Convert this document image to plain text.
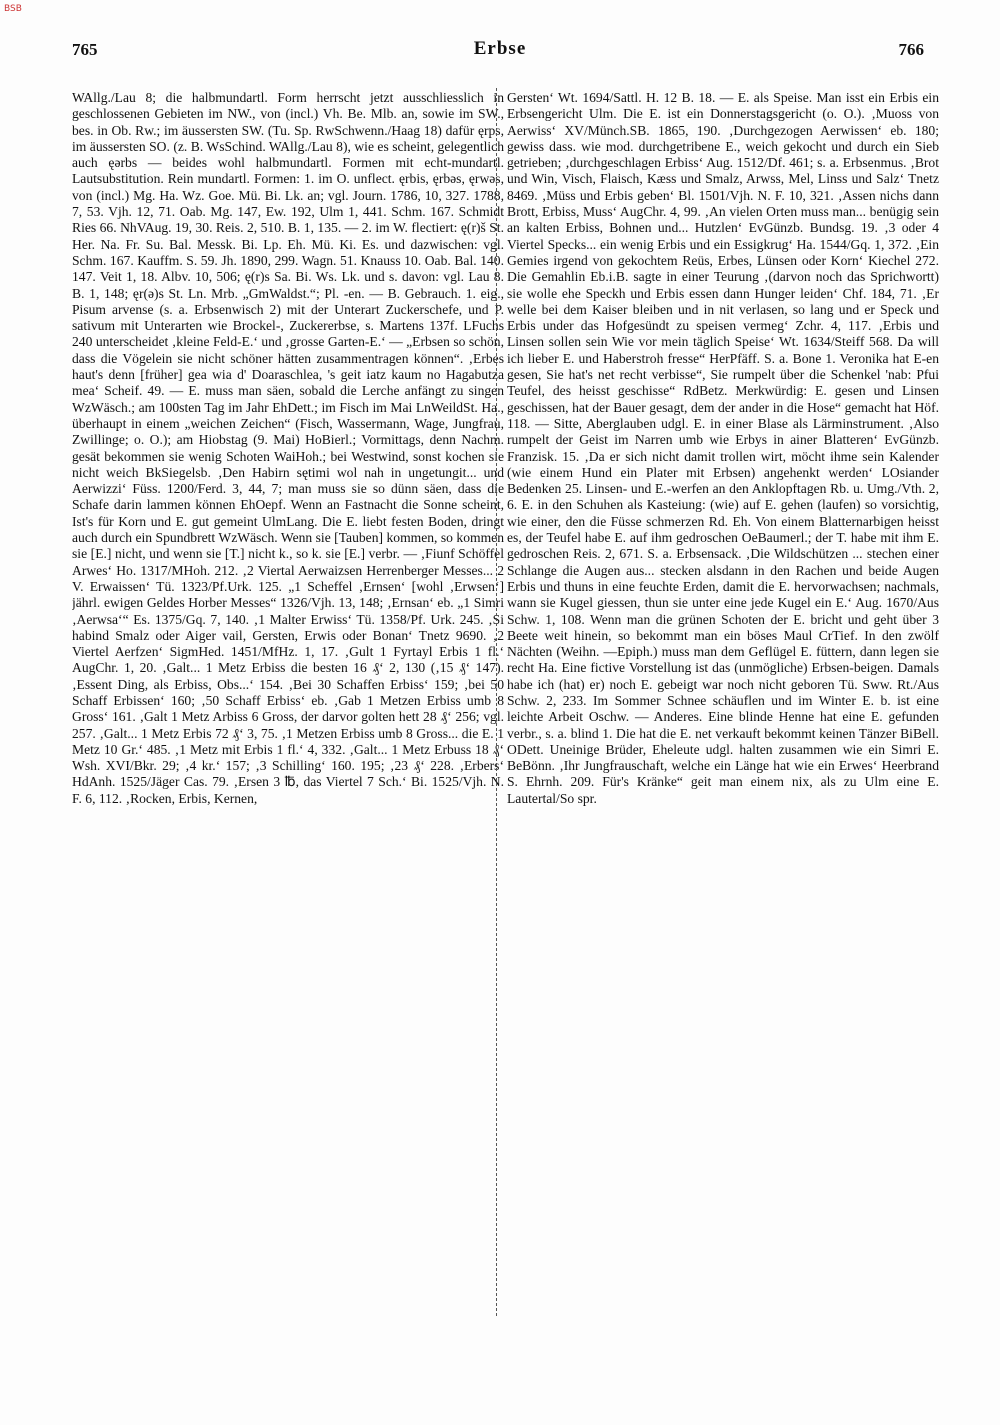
BSB
765	Erbse	766
WAllg./Lau 8; die halbmundartl. Form herrscht jetzt ausschliesslich in geschlossenen Gebieten im NW., von (incl.) Vh. Be. Mlb. an, sowie im SW., bes. in Ob. Rw.; im äussersten SW. (Tu. Sp. RwSchwenn./Haag 18) dafür ęrps, im äussersten SO. (z. B. WsSchind. WAllg./Lau 8), wie es scheint, gelegentlich auch ęərbs — beides wohl halbmundartl. Formen mit echt-mundartl. Lautsubstitution. Rein mundartl. Formen: 1. im O. unflect. ęrbis, ęrbəs, ęrwəs, von (incl.) Mg. Ha. Wz. Goe. Mü. Bi. Lk. an; vgl. Journ. 1786, 10, 327. 1788, 7, 53. Vjh. 12, 71. Oab. Mg. 147, Ew. 192, Ulm 1, 441. Schm. 167. Schmidt Ries 66. NhVAug. 19, 30. Reis. 2, 510. B. 1, 135. — 2. im W. flectiert: ę(r)š St. Her. Na. Fr. Su. Bal. Messk. Bi. Lp. Eh. Mü. Ki. Es. und dazwischen: vgl. Schm. 167. Kauffm. S. 59. Jh. 1890, 299. Wagn. 51. Knauss 10. Oab. Bal. 140. 147. Veit 1, 18. Albv. 10, 506; ę(r)s Sa. Bi. Ws. Lk. und s. davon: vgl. Lau 8. B. 1, 148; ęr(ə)s St. Ln. Mrb. „GmWaldst.“; Pl. -en. — B. Gebrauch. 1. eig., Pisum arvense (s. a. Erbsenwisch 2) mit der Unterart Zuckerschefe, und P. sativum mit Unterarten wie Brockel-, Zuckererbse, s. Martens 137f. LFuchs 240 unterscheidet ‚kleine Feld-E.‘ und ‚grosse Garten-E.‘ — „Erbsen so schön, dass die Vögelein sie nicht schöner hätten zusammentragen können“. ‚Erbes haut's denn [früher] gea wia d' Doaraschlea, 's geit iatz kaum no Hagabutza mea‘ Scheif. 49. — E. muss man säen, sobald die Lerche anfängt zu singen WzWäsch.; am 100sten Tag im Jahr EhDett.; im Fisch im Mai LnWeildSt. Ha., überhaupt in einem „weichen Zeichen“ (Fisch, Wassermann, Wage, Jungfrau, Zwillinge; o. O.); am Hiobstag (9. Mai) HoBierl.; Vormittags, denn Nachm. gesät bekommen sie wenig Schoten WaiHoh.; bei Westwind, sonst kochen sie nicht weich BkSiegelsb. ‚Den Habirn sętimi wol nah in ungetungit... und Aerwizzi‘ Füss. 1200/Ferd. 3, 44, 7; man muss sie so dünn säen, dass die Schafe darin lammen können EhOepf. Wenn an Fastnacht die Sonne scheint, Ist's für Korn und E. gut gemeint UlmLang. Die E. liebt festen Boden, dringt auch durch ein Spundbrett WzWäsch. Wenn sie [Tauben] kommen, so kommen sie [E.] nicht, und wenn sie [T.] nicht k., so k. sie [E.] verbr. — ‚Fiunf Schöffel Arwes‘ Ho. 1317/MHoh. 212. ‚2 Viertal Aerwaizsen Herrenberger Messes... 2 V. Erwaissen‘ Tü. 1323/Pf.Urk. 125. „1 Scheffel ‚Ernsen‘ [wohl ‚Erwsen‘] jährl. ewigen Geldes Horber Messes“ 1326/Vjh. 13, 148; ‚Ernsan‘ eb. „1 Simri ‚Aerwsa‘“ Es. 1375/Gq. 7, 140. ‚1 Malter Erwiss‘ Tü. 1358/Pf. Urk. 245. ‚Si habind Smalz oder Aiger vail, Gersten, Erwis oder Bonan‘ Tnetz 9690. ‚2 Viertel Aerfzen‘ SigmHed. 1451/MfHz. 1, 17. ‚Gult 1 Fyrtayl Erbis 1 fl.‘ AugChr. 1, 20. ‚Galt... 1 Metz Erbiss die besten 16 ₰‘ 2, 130 (‚15 ₰‘ 147). ‚Essent Ding, als Erbiss, Obs...‘ 154. ‚Bei 30 Schaffen Erbiss‘ 159; ‚bei 50 Schaff Erbissen‘ 160; ‚50 Schaff Erbiss‘ eb. ‚Gab 1 Metzen Erbiss umb 8 Gross‘ 161. ‚Galt 1 Metz Arbiss 6 Gross, der darvor golten hett 28 ₰‘ 256; vgl. 257. ‚Galt... 1 Metz Erbis 72 ₰‘ 3, 75. ‚1 Metzen Erbiss umb 8 Gross... die E. 1 Metz 10 Gr.‘ 485. ‚1 Metz mit Erbis 1 fl.‘ 4, 332. ‚Galt... 1 Metz Erbuss 18 ₰‘ Wsh. XVI/Bkr. 29; ‚4 kr.‘ 157; ‚3 Schilling‘ 160. 195; ‚23 ₰‘ 228. ‚Erbers‘ HdAnh. 1525/Jäger Cas. 79. ‚Ersen 3 ℔, das Viertel 7 Sch.‘ Bi. 1525/Vjh. N. F. 6, 112. ‚Rocken, Erbis, Kernen,
Gersten‘ Wt. 1694/Sattl. H. 12 B. 18. — E. als Speise. Man isst ein Erbis ein Erbsengericht Ulm. Die E. ist ein Donnerstagsgericht (o. O.). ‚Muoss von Aerwiss‘ XV/Münch.SB. 1865, 190. ‚Durchgezogen Aerwissen‘ eb. 180; gewiss dass. wie mod. durchgetribene E., weich gekocht und durch ein Sieb getrieben; ‚durchgeschlagen Erbiss‘ Aug. 1512/Df. 461; s. a. Erbsenmus. ‚Brot und Win, Visch, Flaisch, Kæss und Smalz, Arwss, Mel, Linss und Salz‘ Tnetz 8469. ‚Müss und Erbis geben‘ Bl. 1501/Vjh. N. F. 10, 321. ‚Assen nichs dann Brott, Erbiss, Muss‘ AugChr. 4, 99. ‚An vielen Orten muss man... benügig sein an kalten Erbiss, Bohnen und... Hutzlen‘ EvGünzb. Bundsg. 19. ‚3 oder 4 Viertel Specks... ein wenig Erbis und ein Essigkrug‘ Ha. 1544/Gq. 1, 372. ‚Ein Gemies irgend von gekochtem Reüs, Erbes, Lünsen oder Korn‘ Kiechel 272. Die Gemahlin Eb.i.B. sagte in einer Teurung ‚(darvon noch das Sprichwortt) sie wolle ehe Speckh und Erbis essen dann Hunger leiden‘ Chf. 184, 71. ‚Er welle bei dem Kaiser bleiben und in nit verlasen, so lang und er Speck und Erbis under das Hofgesündt zu speisen vermeg‘ Zchr. 4, 117. ‚Erbis und Linsen sollen sein Wie vor mein täglich Speise‘ Wt. 1634/Steiff 568. Da will ich lieber E. und Haberstroh fresse“ HerPfäff. S. a. Bone 1. Veronika hat E-en gesen, Sie hat's net recht verbisse“, Sie rumpelt über die Schenkel 'nab: Pfui Teufel, des heisst geschisse“ RdBetz. Merkwürdig: E. gesen und Linsen geschissen, hat der Bauer gesagt, dem der ander in die Hose“ gemacht hat Höf. 118. — Sitte, Aberglauben udgl. E. in einer Blase als Lärminstrument. ‚Also rumpelt der Geist im Narren umb wie Erbys in ainer Blatteren‘ EvGünzb. Franzisk. 15. ‚Da er sich nicht damit trollen wirt, möcht ihme sein Kalender (wie einem Hund ein Plater mit Erbsen) angehenkt werden‘ LOsiander Bedenken 25. Linsen- und E.-werfen an den Anklopftagen Rb. u. Umg./Vth. 2, 6. E. in den Schuhen als Kasteiung: (wie) auf E. gehen (laufen) so vorsichtig, wie einer, den die Füsse schmerzen Rd. Eh. Von einem Blatternarbigen heisst es, der Teufel habe E. auf ihm gedroschen OeBaumerl.; der T. habe mit ihm E. gedroschen Reis. 2, 671. S. a. Erbsensack. ‚Die Wildschützen ... stechen einer Schlange die Augen aus... stecken alsdann in den Rachen und beide Augen Erbis und thuns in eine feuchte Erden, damit die E. hervorwachsen; nachmals, wann sie Kugel giessen, thun sie unter eine jede Kugel ein E.‘ Aug. 1670/Aus Schw. 1, 108. Wenn man die grünen Schoten der E. bricht und geht über 3 Beete weit hinein, so bekommt man ein böses Maul CrTief. In den zwölf Nächten (Weihn. —Epiph.) muss man dem Geflügel E. füttern, dann legen sie recht Ha. Eine fictive Vorstellung ist das (unmögliche) Erbsen-beigen. Damals habe ich (hat) er) noch E. gebeigt war noch nicht geboren Tü. Sww. Rt./Aus Schw. 2, 233. Im Sommer Schnee schäuflen und im Winter E. b. ist eine leichte Arbeit Oschw. — Anderes. Eine blinde Henne hat eine E. gefunden verbr., s. a. blind 1. Die hat die E. net verkauft bekommt keinen Tänzer BiBell. ODett. Uneinige Brüder, Eheleute udgl. halten zusammen wie ein Simri E. BeBönn. ‚Ihr Jungfrauschaft, welche ein Länge hat wie ein Erwes‘ Heerbrand S. Ehrnh. 209. Für's Kränke“ geit man einem nix, als zu Ulm eine E. Lautertal/So spr.
